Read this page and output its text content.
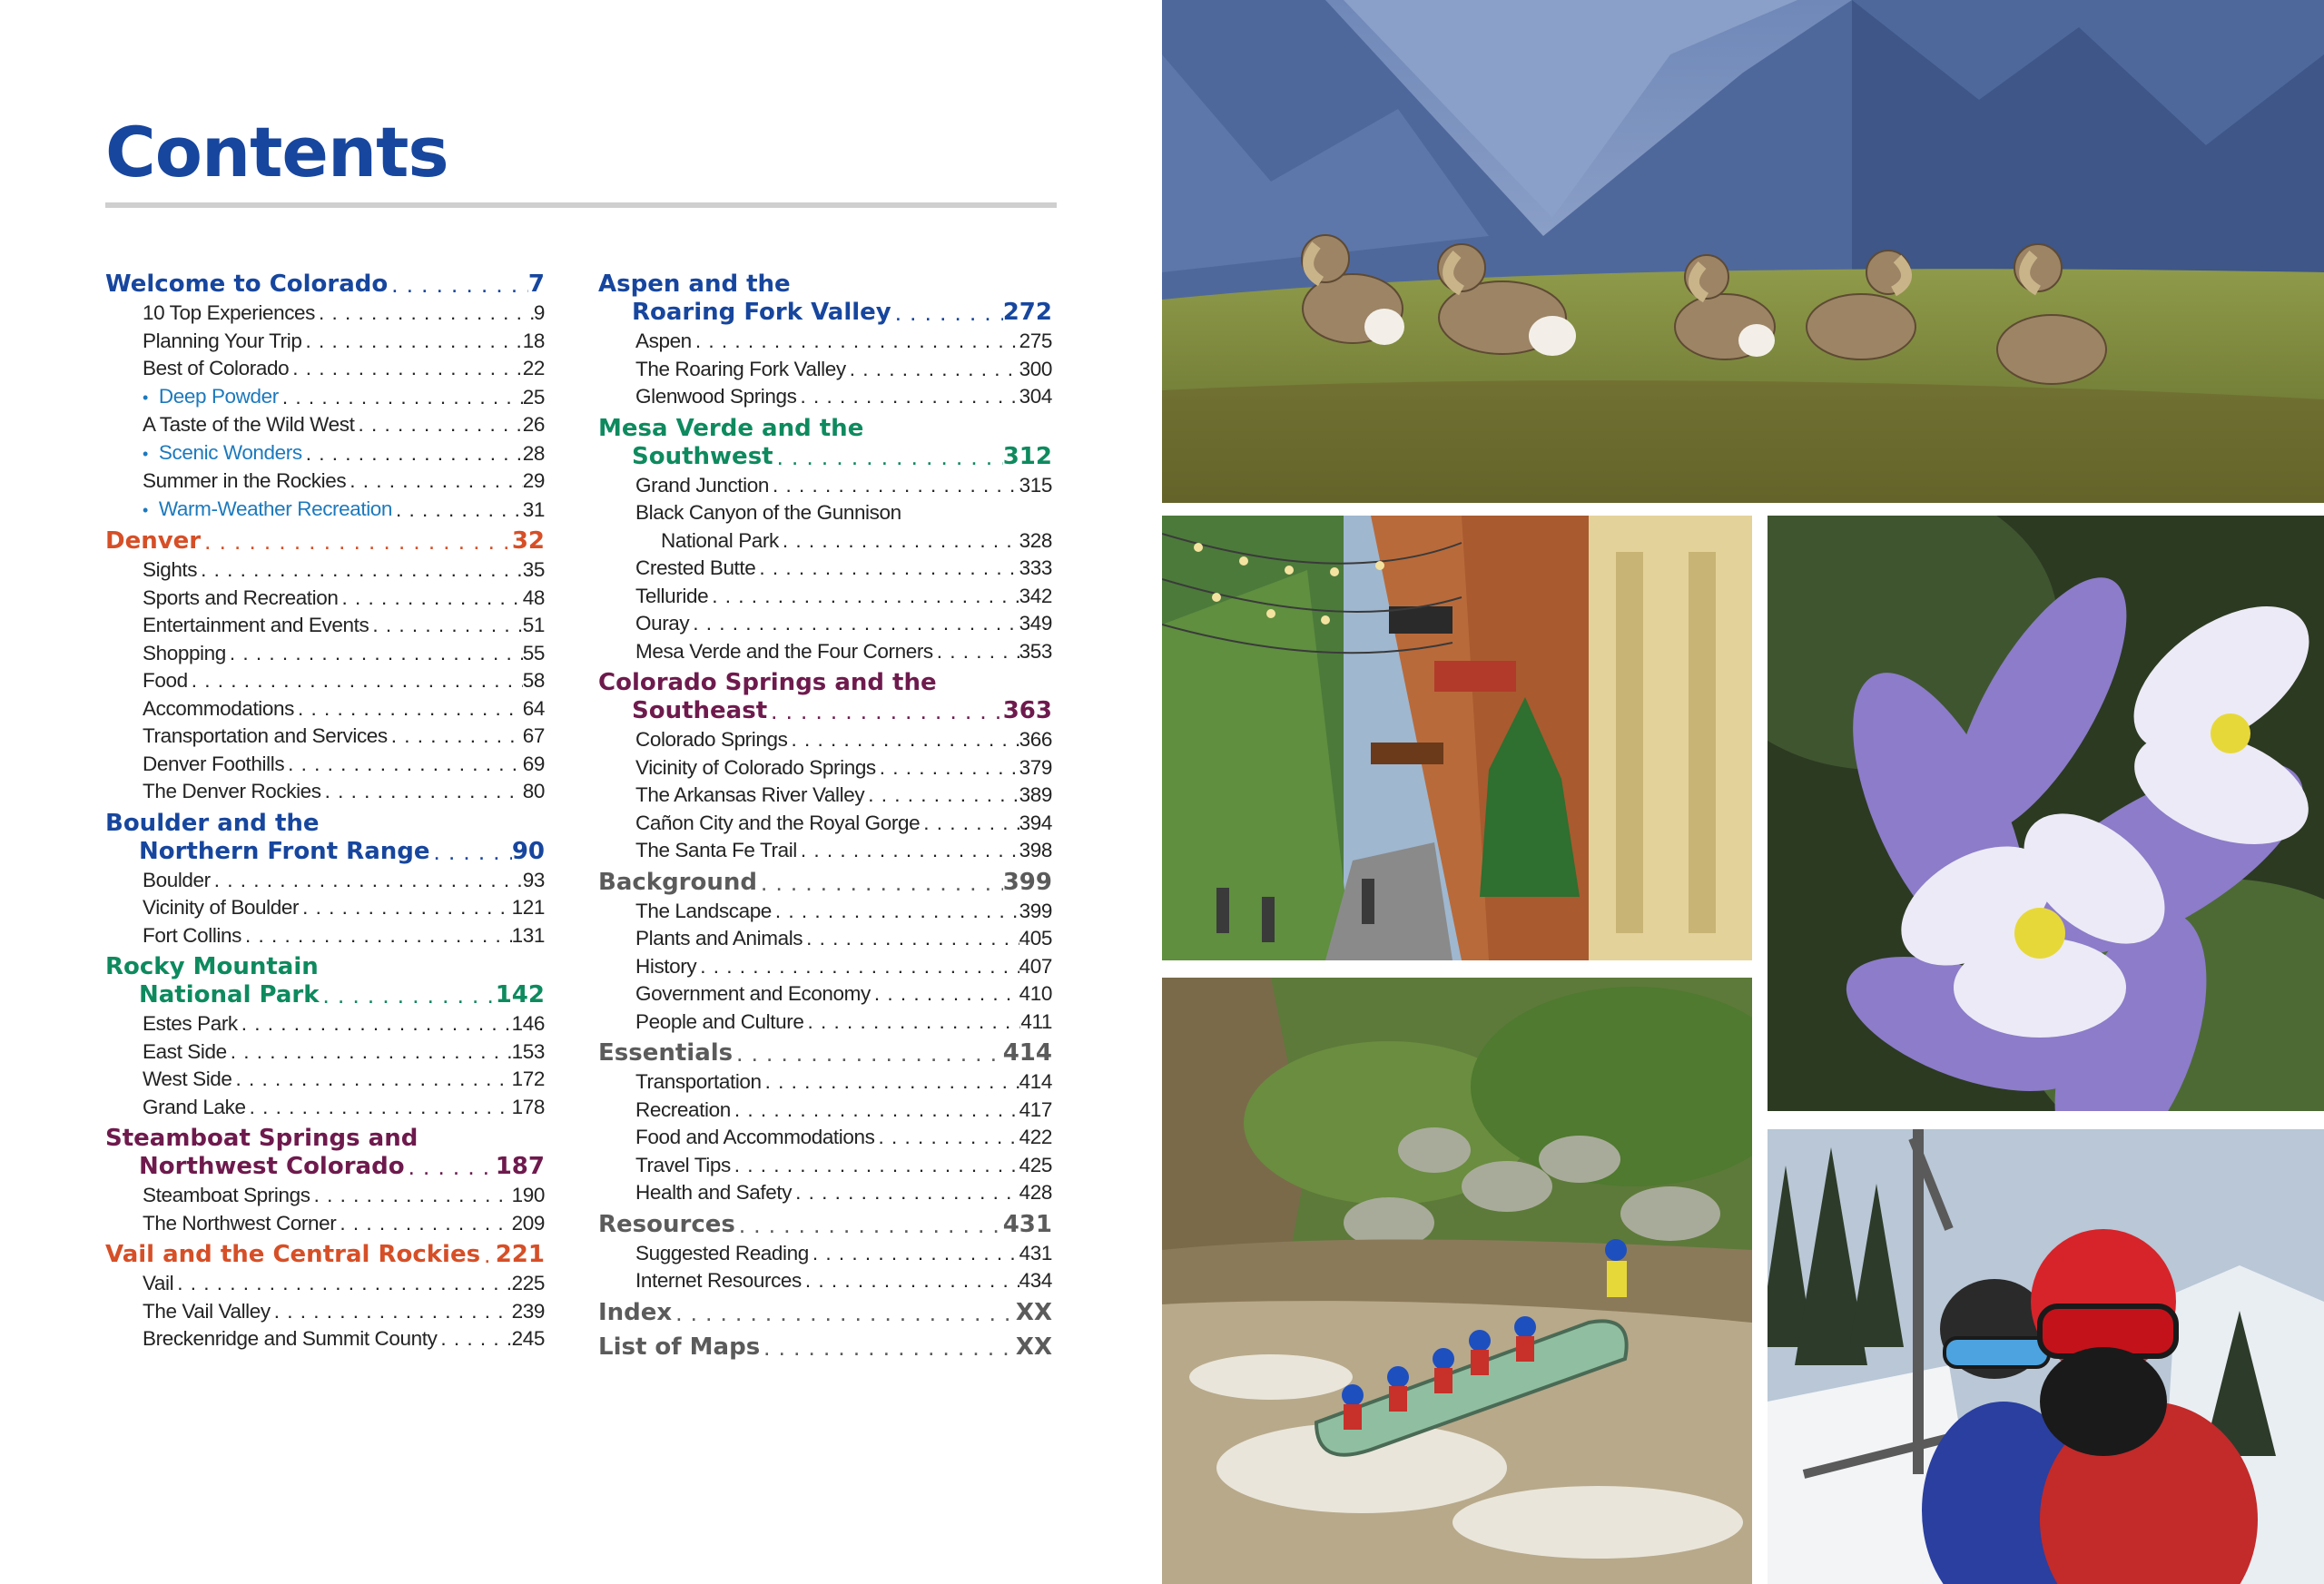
Contents
Welcome to Colorado . . .	7
10 Top Experiences . . .	9
Planning Your Trip . . .	18
Best of Colorado . . .	22
• Deep Powder . . .	25
A Taste of the Wild West . . .	26
• Scenic Wonders . . .	28
Summer in the Rockies . . .	29
• Warm-Weather Recreation . . .	31
Denver . . .	32
Sights . . .	35
Sports and Recreation . . .	48
Entertainment and Events . . .	51
Shopping . . .	55
Food . . .	58
Accommodations . . .	64
Transportation and Services . . .	67
Denver Foothills . . .	69
The Denver Rockies . . .	80
Boulder and the
Northern Front Range . . .	90
Boulder . . .	93
Vicinity of Boulder . . .	121
Fort Collins . . .	131
Rocky Mountain
National Park . . .	142
Estes Park . . .	146
East Side . . .	153
West Side . . .	172
Grand Lake . . .	178
Steamboat Springs and
Northwest Colorado . . .	187
Steamboat Springs . . .	190
The Northwest Corner . . .	209
Vail and the Central Rockies . . . 221
Vail . . .	225
The Vail Valley . . .	239
Breckenridge and Summit County . . .	245
Aspen and the
Roaring Fork Valley . . .	272
Aspen . . .	275
The Roaring Fork Valley . . .	300
Glenwood Springs . . .	304
Mesa Verde and the
Southwest . . .	312
Grand Junction . . .	315
Black Canyon of the Gunnison
National Park . . .	328
Crested Butte . . .	333
Telluride . . .	342
Ouray . . .	349
Mesa Verde and the Four Corners . . .	353
Colorado Springs and the
Southeast . . .	363
Colorado Springs . . .	366
Vicinity of Colorado Springs . . .	379
The Arkansas River Valley . . .	389
Cañon City and the Royal Gorge . . .	394
The Santa Fe Trail . . .	398
Background . . .	399
The Landscape . . .	399
Plants and Animals . . .	405
History . . .	407
Government and Economy . . .	410
People and Culture . . .	411
Essentials . . .	414
Transportation . . .	414
Recreation . . .	417
Food and Accommodations . . .	422
Travel Tips . . .	425
Health and Safety . . .	428
Resources . . .	431
Suggested Reading . . .	431
Internet Resources . . .	434
Index . . .	XX
List of Maps . . .	XX
